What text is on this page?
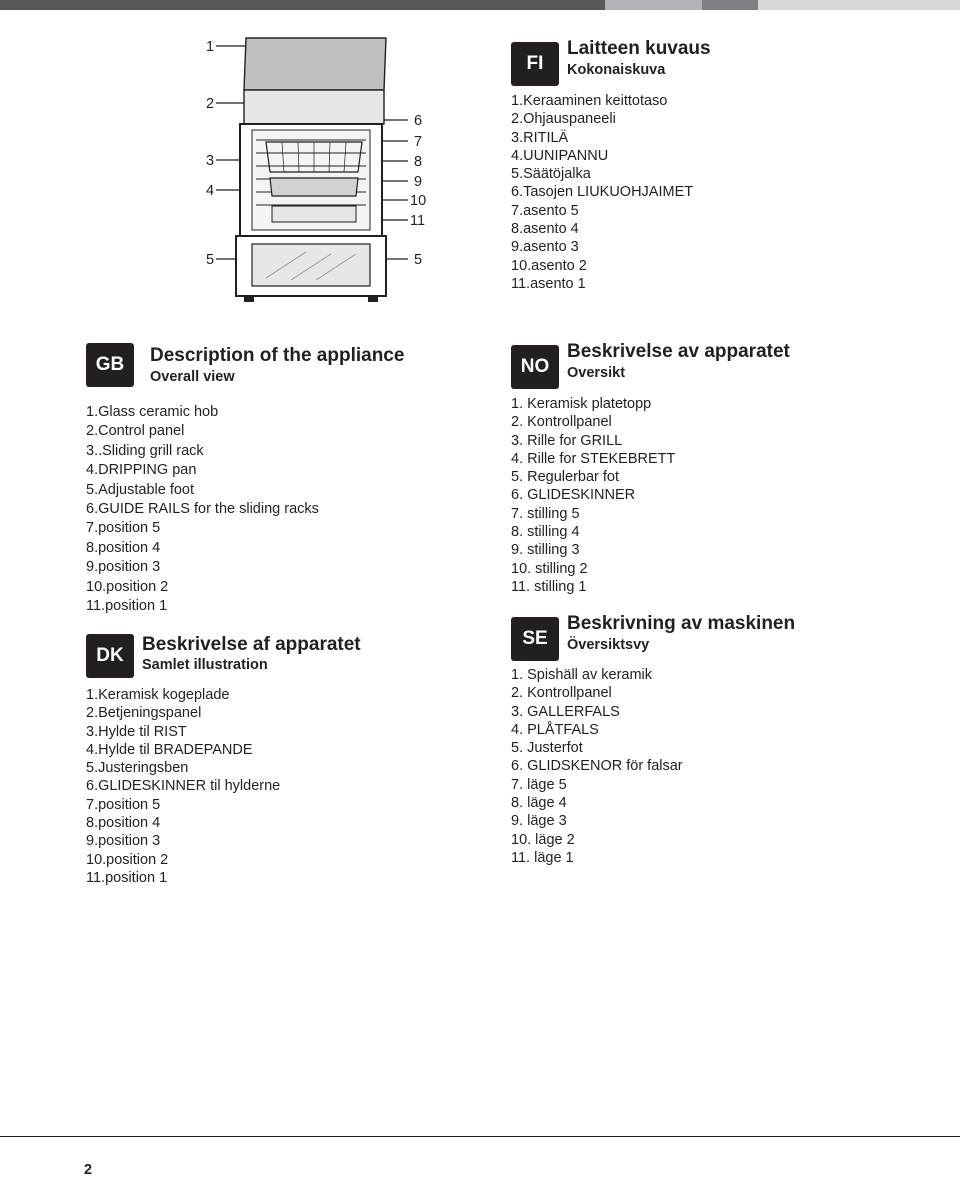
1
2
3
4
5
6
7
8
9
10
11
5
FI
Laitteen kuvaus
Kokonaiskuva
1.Keraaminen keittotaso
2.Ohjauspaneeli
3.RITILÄ
4.UUNIPANNU
5.Säätöjalka
6.Tasojen LIUKUOHJAIMET
7.asento 5
8.asento 4
9.asento 3
10.asento 2
11.asento 1
GB	Description of the appliance
Overall view
1.Glass ceramic hob
2.Control panel
3..Sliding grill rack
4.DRIPPING pan
5.Adjustable foot
6.GUIDE RAILS for the sliding racks
7.position 5
8.position 4
9.position 3
10.position 2
11.position 1
DK
Beskrivelse af apparatet
Samlet illustration
1.Keramisk kogeplade
2.Betjeningspanel
3.Hylde til RIST
4.Hylde til BRADEPANDE
5.Justeringsben
6.GLIDESKINNER til hylderne
7.position 5
8.position 4
9.position 3
10.position 2
11.position 1
NO
Beskrivelse av apparatet
Oversikt
1. Keramisk platetopp
2. Kontrollpanel
3. Rille for GRILL
4. Rille for STEKEBRETT
5. Regulerbar fot
6. GLIDESKINNER
7. stilling 5
8. stilling 4
9. stilling 3
10. stilling 2
11. stilling 1
SE
Beskrivning av maskinen
Översiktsvy
1. Spishäll av keramik
2. Kontrollpanel
3. GALLERFALS
4. PLÅTFALS
5. Justerfot
6. GLIDSKENOR för falsar
7. läge 5
8. läge 4
9. läge 3
10. läge 2
11. läge 1
2
